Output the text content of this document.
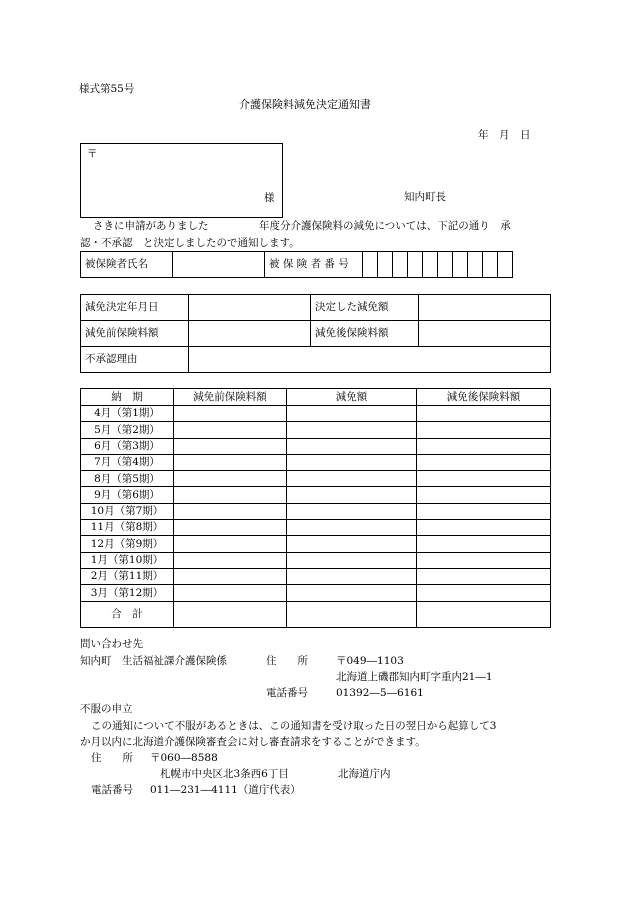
様式第55号
介護保険料減免決定通知書
年　月　日
〒
様	知内町長
さきに申請がありました	年度分介護保険料の減免については、下記の通り　承
認・不承認　と決定しましたので通知します。
被保険者氏名		被 保 険 者 番 号										
減免決定年月日		決定した減免額	
減免前保険料額		減免後保険料額	
不承認理由			
納　期	減免前保険料額	減免額	減免後保険料額
4月（第1期）			
5月（第2期）			
6月（第3期）			
7月（第4期）			
8月（第5期）			
9月（第6期）			
10月（第7期）			
11月（第8期）			
12月（第9期）			
1月（第10期）			
2月（第11期）			
3月（第12期）			
合　計			
問い合わせ先
知内町　生活福祉課介護保険係	住　　所	〒049―1103
北海道上磯郡知内町字重内21―1
電話番号	01392―5―6161
不服の申立
この通知について不服があるときは、この通知書を受け取った日の翌日から起算して3
か月以内に北海道介護保険審査会に対し審査請求をすることができます。
住　　所 〒060―8588
札幌市中央区北3条西6丁目	北海道庁内
電話番号 011―231―4111（道庁代表）
